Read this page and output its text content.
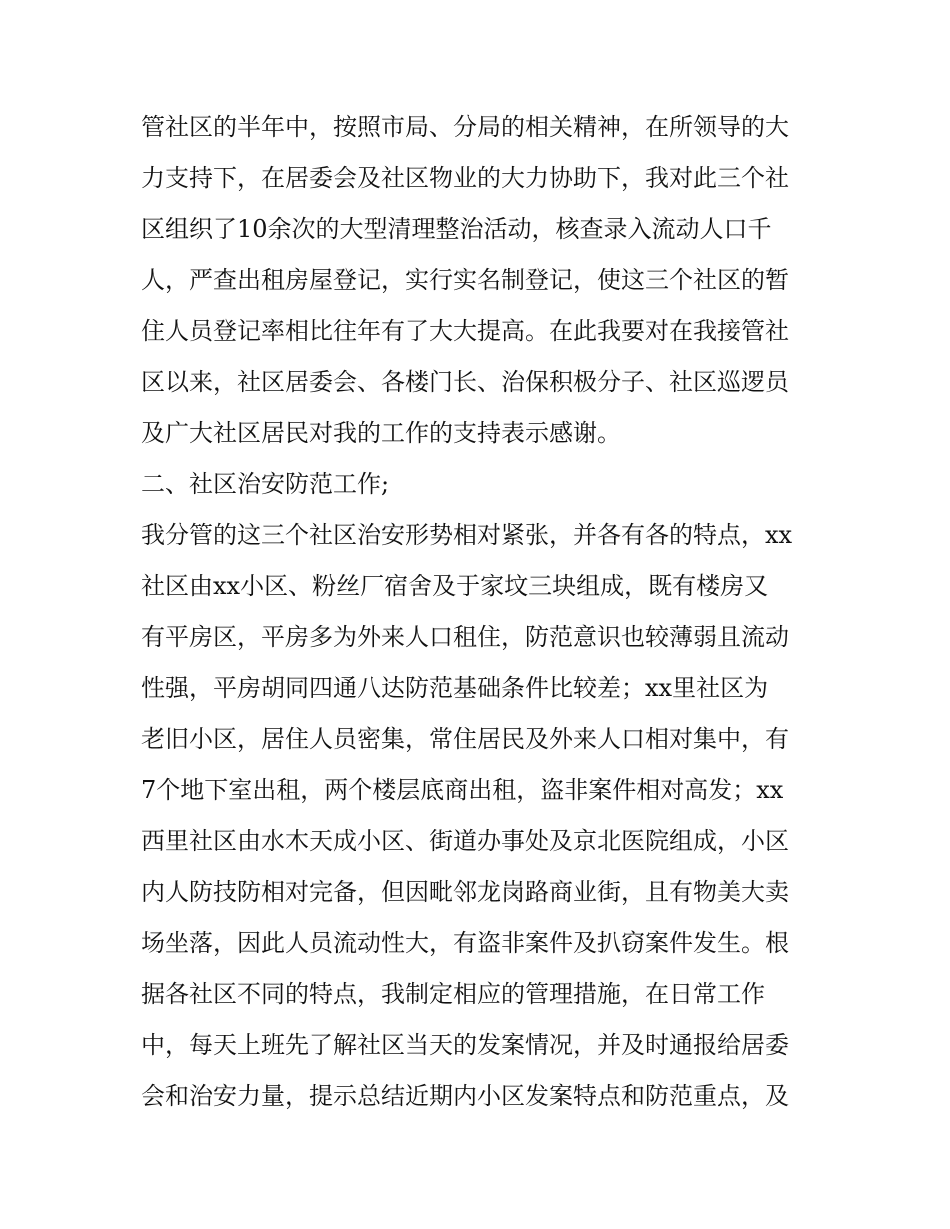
管社区的半年中，按照市局、分局的相关精神，在所领导的大
力支持下，在居委会及社区物业的大力协助下，我对此三个社
区组织了10余次的大型清理整治活动，核查录入流动人口千
人，严查出租房屋登记，实行实名制登记，使这三个社区的暂
住人员登记率相比往年有了大大提高。在此我要对在我接管社
区以来，社区居委会、各楼门长、治保积极分子、社区巡逻员
及广大社区居民对我的工作的支持表示感谢。
二、社区治安防范工作;
我分管的这三个社区治安形势相对紧张，并各有各的特点，xx
社区由xx小区、粉丝厂宿舍及于家坟三块组成，既有楼房又
有平房区，平房多为外来人口租住，防范意识也较薄弱且流动
性强，平房胡同四通八达防范基础条件比较差；xx里社区为
老旧小区，居住人员密集，常住居民及外来人口相对集中，有
7个地下室出租，两个楼层底商出租，盗非案件相对高发；xx
西里社区由水木天成小区、街道办事处及京北医院组成，小区
内人防技防相对完备，但因毗邻龙岗路商业街，且有物美大卖
场坐落，因此人员流动性大，有盗非案件及扒窃案件发生。根
据各社区不同的特点，我制定相应的管理措施，在日常工作
中，每天上班先了解社区当天的发案情况，并及时通报给居委
会和治安力量，提示总结近期内小区发案特点和防范重点，及
